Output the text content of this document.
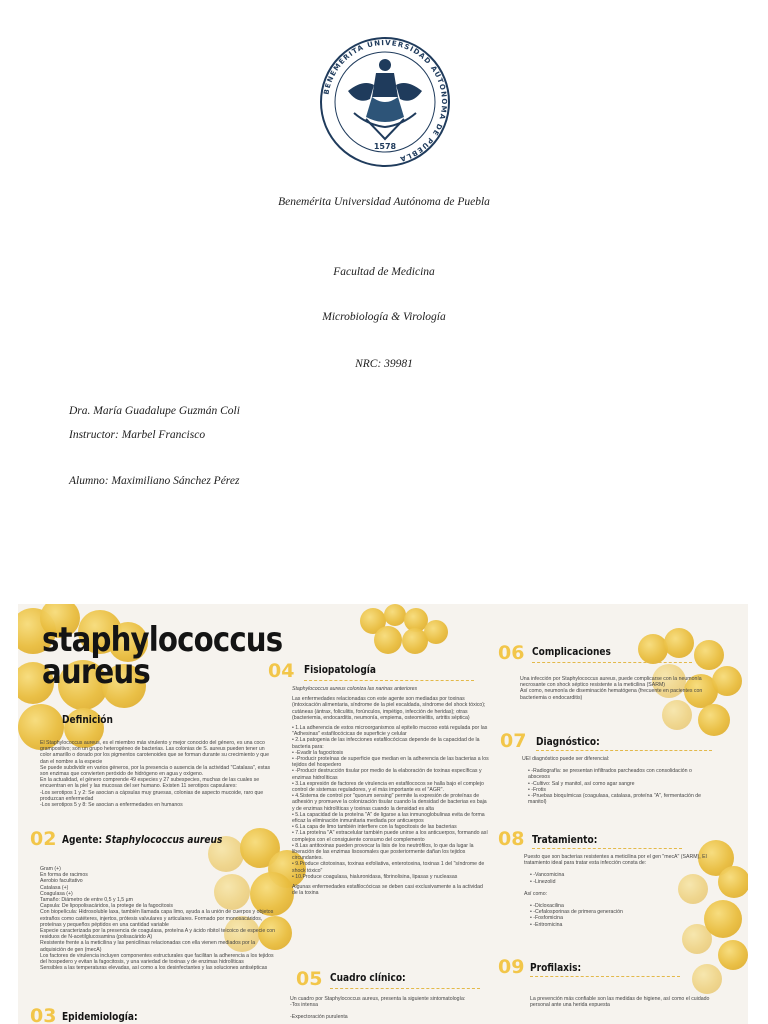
BENEMÉRITA UNIVERSIDAD AUTÓNOMA DE PUEBLA
1578
Benemérita Universidad Autónoma de Puebla
Facultad de Medicina
Microbiología & Virología
NRC: 39981
Dra. María Guadalupe Guzmán Coli
Instructor: Marbel Francisco
Alumno: Maximiliano Sánchez Pérez
staphylococcus
aureus
Definición

El Staphylococcus aureus, es el miembro más virulento y mejor conocido del género, es una coco grampositivo; son un grupo heterogéneo de bacterias. Las colonias de S. aureus pueden tener un color amarillo o dorado por los pigmentos carotenoides que se forman durante su crecimiento y que dan el nombre a la especie

Se puede subdividir en varios géneros, por la presencia o ausencia de la actividad "Catalasa", estas son enzimas que convierten peróxido de hidrógeno en agua y oxígeno.

En la actualidad, el género comprende 49 especies y 27 subespecies, muchas de las cuales se encuentran en la piel y las mucosas del ser humano. Existen 11 serotipos capsulares:

-Los serotipos 1 y 2: Se asocian a cápsulas muy gruesas, colonias de aspecto mucoide, raro que produzcan enfermedad

-Los serotipos 5 y 8: Se asocian a enfermedades en humanos

02 Agente: Staphylococcus aureus

Gram (+)

En forma de racimos

Aerobio facultativo

Catalasa (+)

Coagulasa (+)

Tamaño: Diámetro de entre 0,5 y 1,5 µm

Capsula: De lipopolisacáridos, la protege de la fagocitosis

Con biopelícula: Hidrosoluble laxa, también llamada capa limo, ayuda a la unión de cuerpos y objetos extraños como catéteres, injertos, prótesis valvulares y articulares. Formado por monosacáridos, proteínas y pequeños péptidos en una cantidad variable

Especie caracterizada por la presencia de coagulasa, proteína A y ácido ribitol teicoico de especie con residuos de N-acetilglucosamina (polisacárido A)

Resistente frente a la meticilina y las penicilinas relacionadas con ella vienen mediados por la adquisición de gen (mecA)

Los factores de virulencia incluyen componentes estructurales que facilitan la adherencia a los tejidos del hospedero y evitan la fagocitosis, y una variedad de toxinas y de enzimas hidrolíticas

Sensibles a las temperaturas elevadas, así como a los desinfectantes y las soluciones antisépticas

03 Epidemiología:
04 Fisiopatología

Staphylococcus aureus coloniza las narinas anteriores

Las enfermedades relacionadas con este agente son mediadas por toxinas (intoxicación alimentaria, síndrome de la piel escaldada, síndrome del shock tóxico); cutáneas (ántrax, foliculitis, forúnculos, impétigo, infección de heridas); otras (bacteriemia, endocarditis, neumonía, empiema, osteomielitis, artritis séptica)

• 1.La adherencia de estos microorganismos al epitelio mucoso está regulada por las "Adhesinas" estafilocócicas de superficie y celular
• 2.La patogenia de las infecciones estafilocócicas depende de la capacidad de la bacteria para:
• -Evadir la fagocitosis
• -Producir proteínas de superficie que median en la adherencia de las bacterias a los tejidos del hospedero
• -Producir destrucción tisular por medio de la elaboración de toxinas específicas y enzimas hidrolíticas
• 3.La expresión de factores de virulencia en estafilococos se halla bajo el complejo control de sistemas reguladores, y el más importante es el "AGR".
• 4.Sistema de control por "quorum sensing" permite la expresión de proteínas de adhesión y promueve la colonización tisular cuando la densidad de bacterias es baja y de enzimas hidrolíticas y toxinas cuando la densidad es alta
• 5.La capacidad de la proteína "A" de ligarse a las inmunoglobulinas evita de forma eficaz la eliminación inmunitaria mediada por anticuerpos
• 6.La capa de limo también interfiere con la fagocitosis de las bacterias
• 7.La proteína "A" extracelular también puede unirse a los anticuerpos, formando así complejos con el consiguiente consumo del complemento
• 8.Las antitoxinas pueden provocar la lisis de los neutrófilos, lo que da lugar la liberación de las enzimas lisosomales que posteriormente dañan los tejidos circundantes.
• 9.Produce citotoxinas, toxinas exfoliativa, enterotoxina, toxinas 1 del "síndrome de shock tóxico"
• 10.Produce coagulasa, hialuronidasa, fibrinolisina, lipasas y nucleasas

Algunas enfermedades estafilocócicas se deben casi exclusivamente a la actividad de la toxina

05 Cuadro clínico:

Un cuadro por Staphylococcus aureus, presenta la siguiente sintomatología:

-Tos intensa

-Expectoración purulenta

06 Complicaciones

Una infección por Staphylococcus aureus, puede complicarse con la neumonía necrosante con shock séptico resistente a la meticilina (SARM)

Así como, neumonía de diseminación hematógena (frecuente en pacientes con bacteriemia o endocarditis)

07 Diagnóstico:

UEI diagnóstico puede ser diferencial:

• -Radiografía: se presentan infiltrados parcheados con consolidación o abscesos
• -Cultivo: Sal y manitol, así como agar sangre
• -Frotis
• -Pruebas bioquímicas (coagulasa, catalasa, proteína "A", fermentación de manitol)
08 Tratamiento:

Puesto que son bacterias resistentes a meticilina por el gen "mecA" (SARM), El tratamiento ideal para tratar esta infección consta de:

• -Vancomicina
• -Linezolid

Así como:

• -Dicloxacilina
• -Cefalosporinas de primera generación
• -Fosfomicina
• -Eritromicina
09 Profilaxis:
La prevención más confiable son las medidas de higiene, así como el cuidado personal ante una herida expuesta
